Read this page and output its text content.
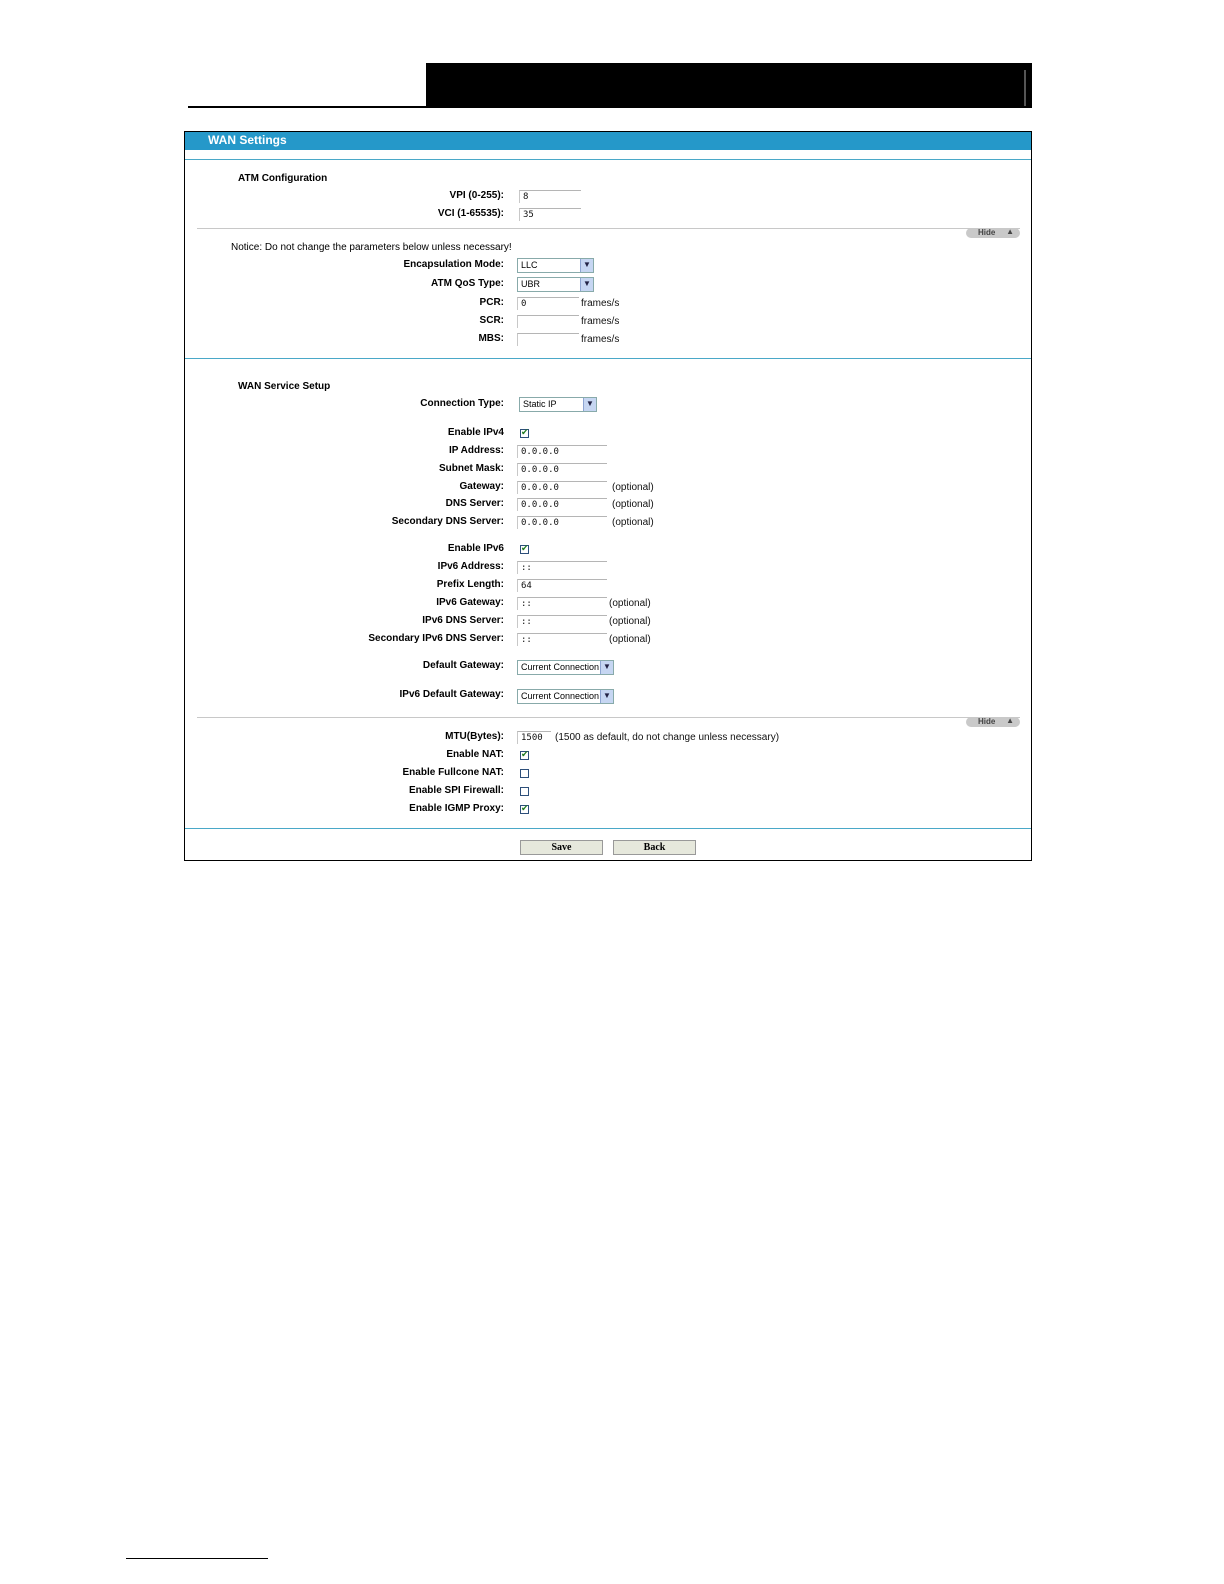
WAN Settings
ATM Configuration
VPI (0-255):	8
VCI (1-65535):	35
Hide ▲
Notice: Do not change the parameters below unless necessary!
Encapsulation Mode:	LLC	▼
ATM QoS Type:	UBR	▼
PCR:	0	frames/s
SCR:	frames/s
MBS:	frames/s
WAN Service Setup
Connection Type:	Static IP	▼
Enable IPv4 ✔
IP Address:	0.0.0.0
Subnet Mask:	0.0.0.0
Gateway:	0.0.0.0	(optional)
DNS Server:	0.0.0.0	(optional)
Secondary DNS Server:	0.0.0.0	(optional)
Enable IPv6 ✔
IPv6 Address:	::
Prefix Length:	64
IPv6 Gateway:	::	(optional)
IPv6 DNS Server:	::	(optional)
Secondary IPv6 DNS Server:	::	(optional)
Default Gateway:	Current Connection ▼
IPv6 Default Gateway:	Current Connection ▼
Hide ▲
MTU(Bytes):	1500	(1500 as default, do not change unless necessary)
Enable NAT: ✔
Enable Fullcone NAT:
Enable SPI Firewall:
Enable IGMP Proxy: ✔
Save	Back
